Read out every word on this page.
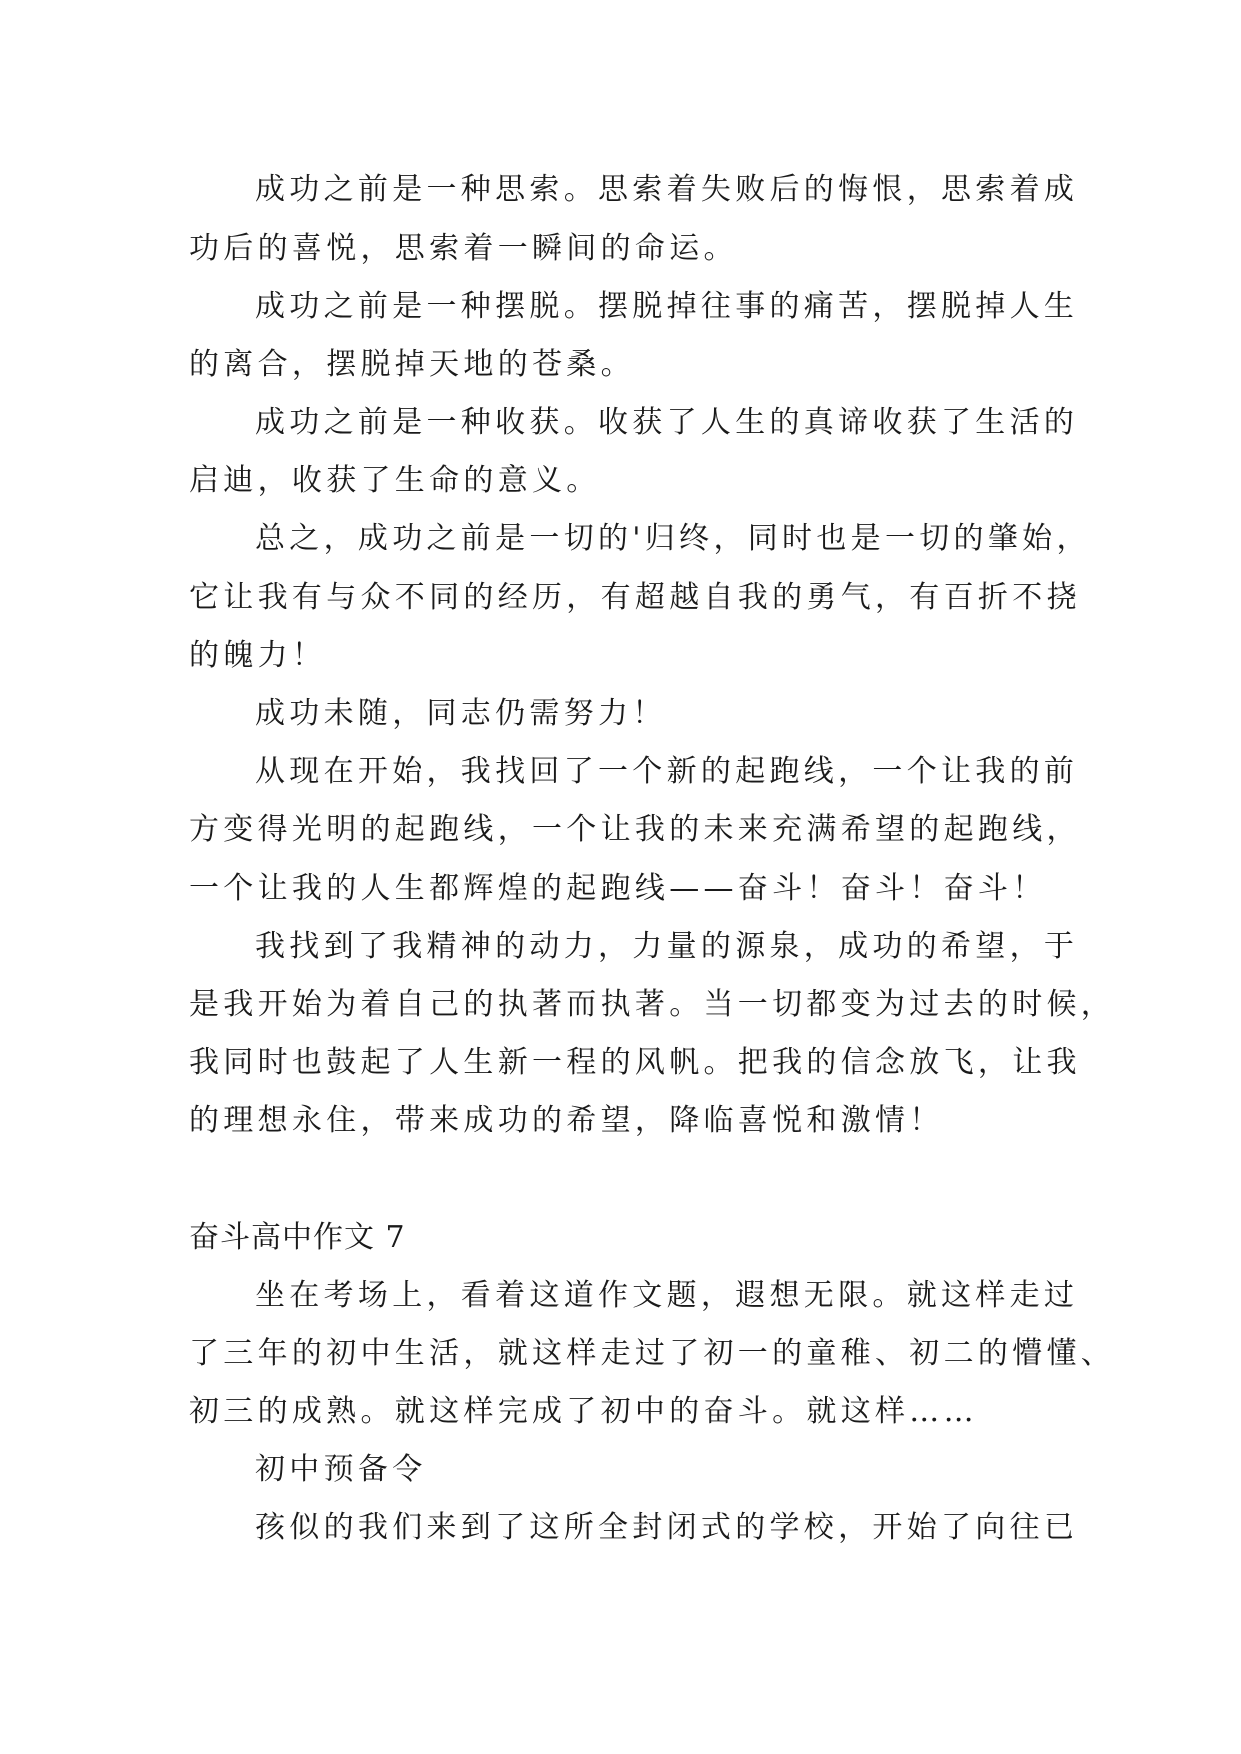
成功之前是一种思索。思索着失败后的悔恨，思索着成
功后的喜悦，思索着一瞬间的命运。
成功之前是一种摆脱。摆脱掉往事的痛苦，摆脱掉人生
的离合，摆脱掉天地的苍桑。
成功之前是一种收获。收获了人生的真谛收获了生活的
启迪，收获了生命的意义。
总之，成功之前是一切的'归终，同时也是一切的肇始，
它让我有与众不同的经历，有超越自我的勇气，有百折不挠
的魄力！
成功未随，同志仍需努力！
从现在开始，我找回了一个新的起跑线，一个让我的前
方变得光明的起跑线，一个让我的未来充满希望的起跑线，
一个让我的人生都辉煌的起跑线——奋斗！奋斗！奋斗！
我找到了我精神的动力，力量的源泉，成功的希望，于
是我开始为着自己的执著而执著。当一切都变为过去的时候，
我同时也鼓起了人生新一程的风帆。把我的信念放飞，让我
的理想永住，带来成功的希望，降临喜悦和激情！
奋斗高中作文 7
坐在考场上，看着这道作文题，遐想无限。就这样走过
了三年的初中生活，就这样走过了初一的童稚、初二的懵懂、
初三的成熟。就这样完成了初中的奋斗。就这样……
初中预备令
孩似的我们来到了这所全封闭式的学校，开始了向往已
